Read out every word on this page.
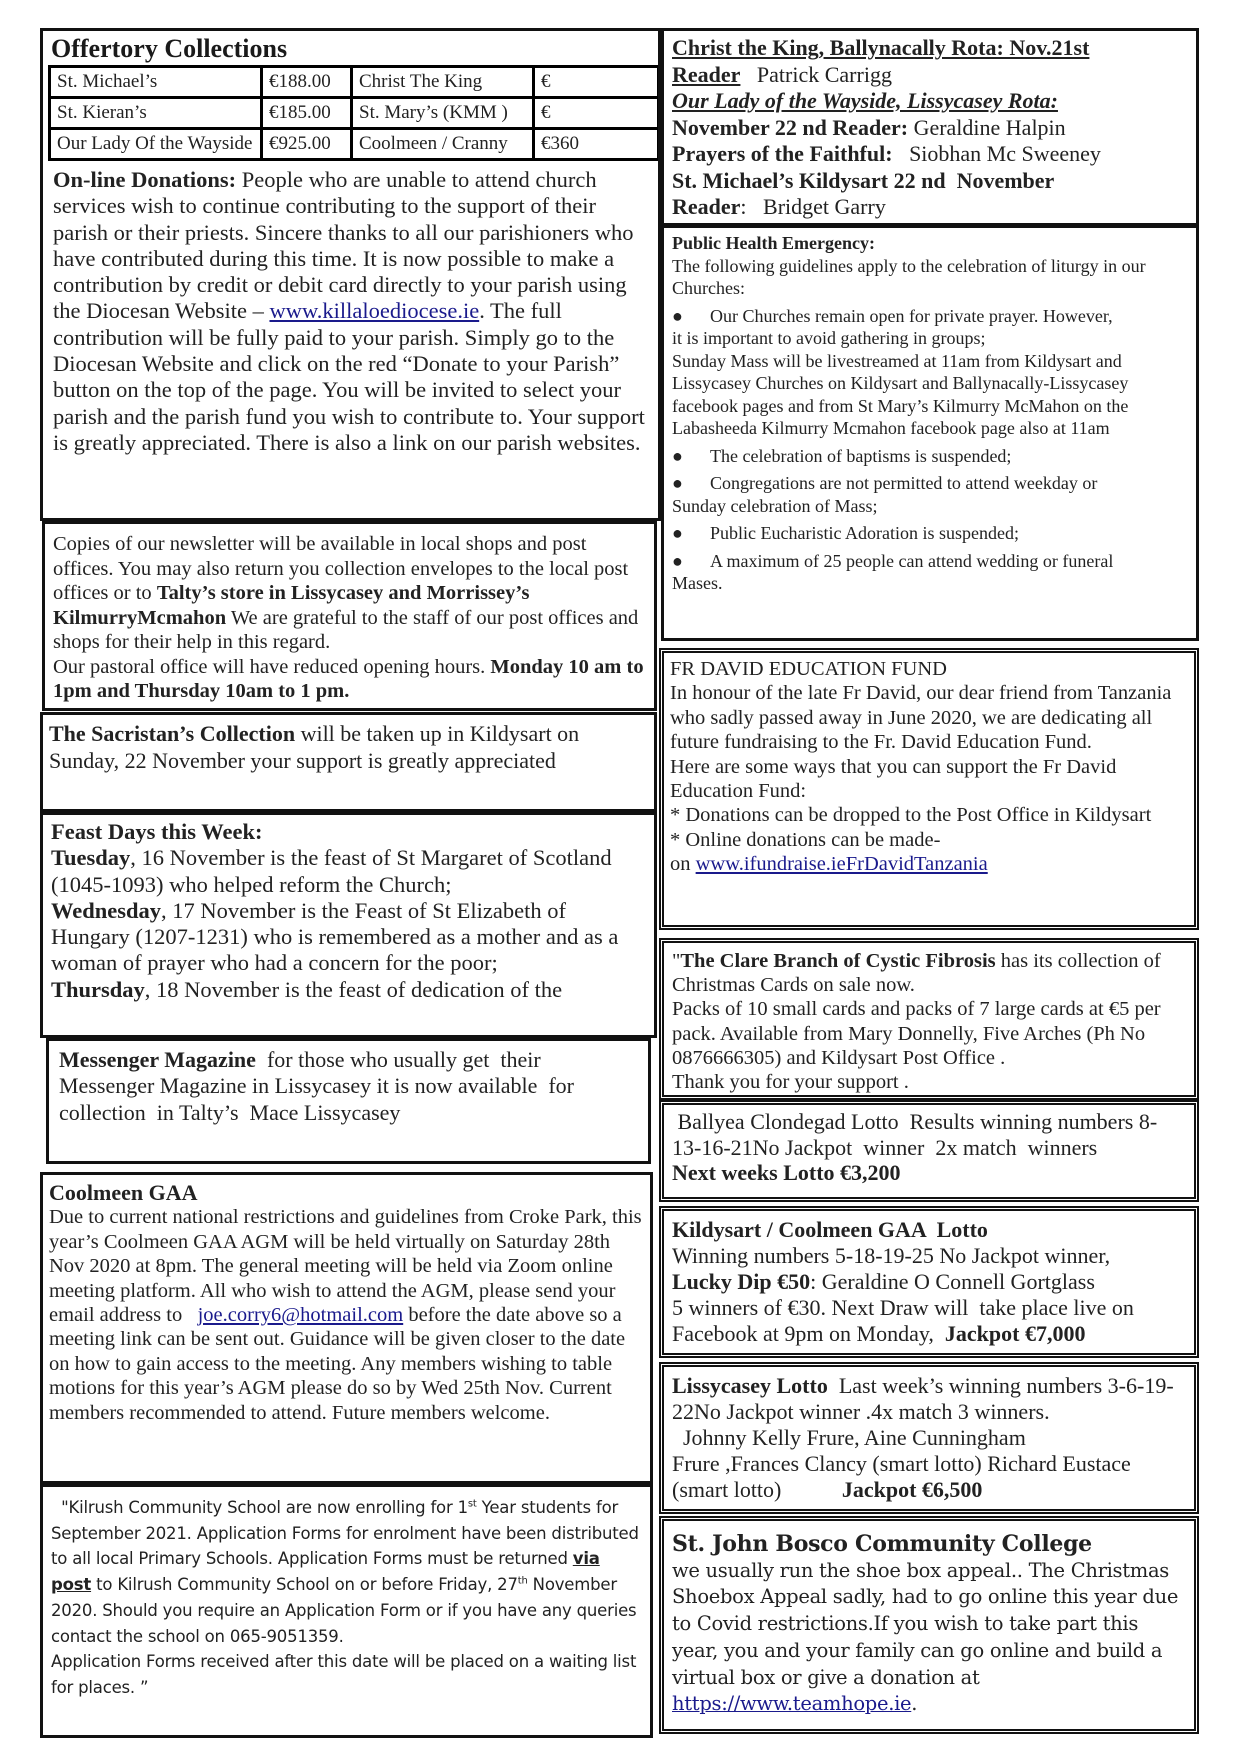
Offertory Collections
St. Michael’s	€188.00	Christ The King	€
St. Kieran’s	€185.00	St. Mary’s (KMM )	€
Our Lady Of the Wayside	€925.00	Coolmeen / Cranny	€360

On-line Donations: People who are unable to attend church services wish to continue contributing to the support of their parish or their priests. Sincere thanks to all our parishioners who have contributed during this time. It is now possible to make a contribution by credit or debit card directly to your parish using the Diocesan Website – www.killaloediocese.ie. The full contribution will be fully paid to your parish. Simply go to the Diocesan Website and click on the red “Donate to your Parish” button on the top of the page. You will be invited to select your parish and the parish fund you wish to contribute to. Your support is greatly appreciated. There is also a link on our parish websites.

Christ the King, Ballynacally Rota: Nov.21st
Reader   Patrick Carrigg
Our Lady of the Wayside, Lissycasey Rota:
November 22 nd Reader: Geraldine Halpin
Prayers of the Faithful:   Siobhan Mc Sweeney
St. Michael’s Kildysart 22 nd  November
Reader:   Bridget Garry
Public Health Emergency:
The following guidelines apply to the celebration of liturgy in our Churches:
●	Our Churches remain open for private prayer. However,
it is important to avoid gathering in groups;
Sunday Mass will be livestreamed at 11am from Kildysart and Lissycasey Churches on Kildysart and Ballynacally-Lissycasey facebook pages and from St Mary’s Kilmurry McMahon on the Labasheeda Kilmurry Mcmahon facebook page also at 11am
●	The celebration of baptisms is suspended;
●	Congregations are not permitted to attend weekday or
Sunday celebration of Mass;
●	Public Eucharistic Adoration is suspended;
●	A maximum of 25 people can attend wedding or funeral
Mases.

Copies of our newsletter will be available in local shops and post offices. You may also return you collection envelopes to the local post offices or to Talty’s store in Lissycasey and Morrissey’s KilmurryMcmahon We are grateful to the staff of our post offices and shops for their help in this regard.
Our pastoral office will have reduced opening hours. Monday 10 am to 1pm and Thursday 10am to 1 pm.

The Sacristan’s Collection will be taken up in Kildysart on Sunday, 22 November your support is greatly appreciated

Feast Days this Week:
Tuesday, 16 November is the feast of St Margaret of Scotland (1045-1093) who helped reform the Church;
Wednesday, 17 November is the Feast of St Elizabeth of Hungary (1207-1231) who is remembered as a mother and as a woman of prayer who had a concern for the poor;
Thursday, 18 November is the feast of dedication of the

Messenger Magazine  for those who usually get  their Messenger Magazine in Lissycasey it is now available  for collection  in Talty’s  Mace Lissycasey

Coolmeen GAA

Due to current national restrictions and guidelines from Croke Park, this year’s Coolmeen GAA AGM will be held virtually on Saturday 28th Nov 2020 at 8pm. The general meeting will be held via Zoom online meeting platform. All who wish to attend the AGM, please send your email address to   joe.corry6@hotmail.com before the date above so a meeting link can be sent out. Guidance will be given closer to the date on how to gain access to the meeting. Any members wishing to table motions for this year’s AGM please do so by Wed 25th Nov. Current members recommended to attend. Future members welcome.

"Kilrush Community School are now enrolling for 1st Year students for September 2021. Application Forms for enrolment have been distributed to all local Primary Schools. Application Forms must be returned via post to Kilrush Community School on or before Friday, 27th November 2020. Should you require an Application Form or if you have any queries contact the school on 065-9051359.
Application Forms received after this date will be placed on a waiting list for places. ”

FR DAVID EDUCATION FUND
In honour of the late Fr David, our dear friend from Tanzania who sadly passed away in June 2020, we are dedicating all future fundraising to the Fr. David Education Fund.
Here are some ways that you can support the Fr David Education Fund:
* Donations can be dropped to the Post Office in Kildysart
* Online donations can be made-
on www.ifundraise.ieFrDavidTanzania
"The Clare Branch of Cystic Fibrosis has its collection of Christmas Cards on sale now.
Packs of 10 small cards and packs of 7 large cards at €5 per pack. Available from Mary Donnelly, Five Arches (Ph No 0876666305) and Kildysart Post Office .
Thank you for your support .
Ballyea Clondegad Lotto  Results winning numbers 8-13-16-21No Jackpot  winner  2x match  winners
Next weeks Lotto €3,200
Kildysart / Coolmeen GAA  Lotto
Winning numbers 5-18-19-25 No Jackpot winner,
Lucky Dip €50: Geraldine O Connell Gortglass
5 winners of €30. Next Draw will  take place live on Facebook at 9pm on Monday,  Jackpot €7,000
Lissycasey Lotto  Last week’s winning numbers 3-6-19-22No Jackpot winner .4x match 3 winners.
Johnny Kelly Frure, Aine Cunningham
Frure ,Frances Clancy (smart lotto) Richard Eustace (smart lotto)           Jackpot €6,500
St. John Bosco Community College

we usually run the shoe box appeal.. The Christmas Shoebox Appeal sadly, had to go online this year due to Covid restrictions.If you wish to take part this year, you and your family can go online and build a virtual box or give a donation at https://www.teamhope.ie.
